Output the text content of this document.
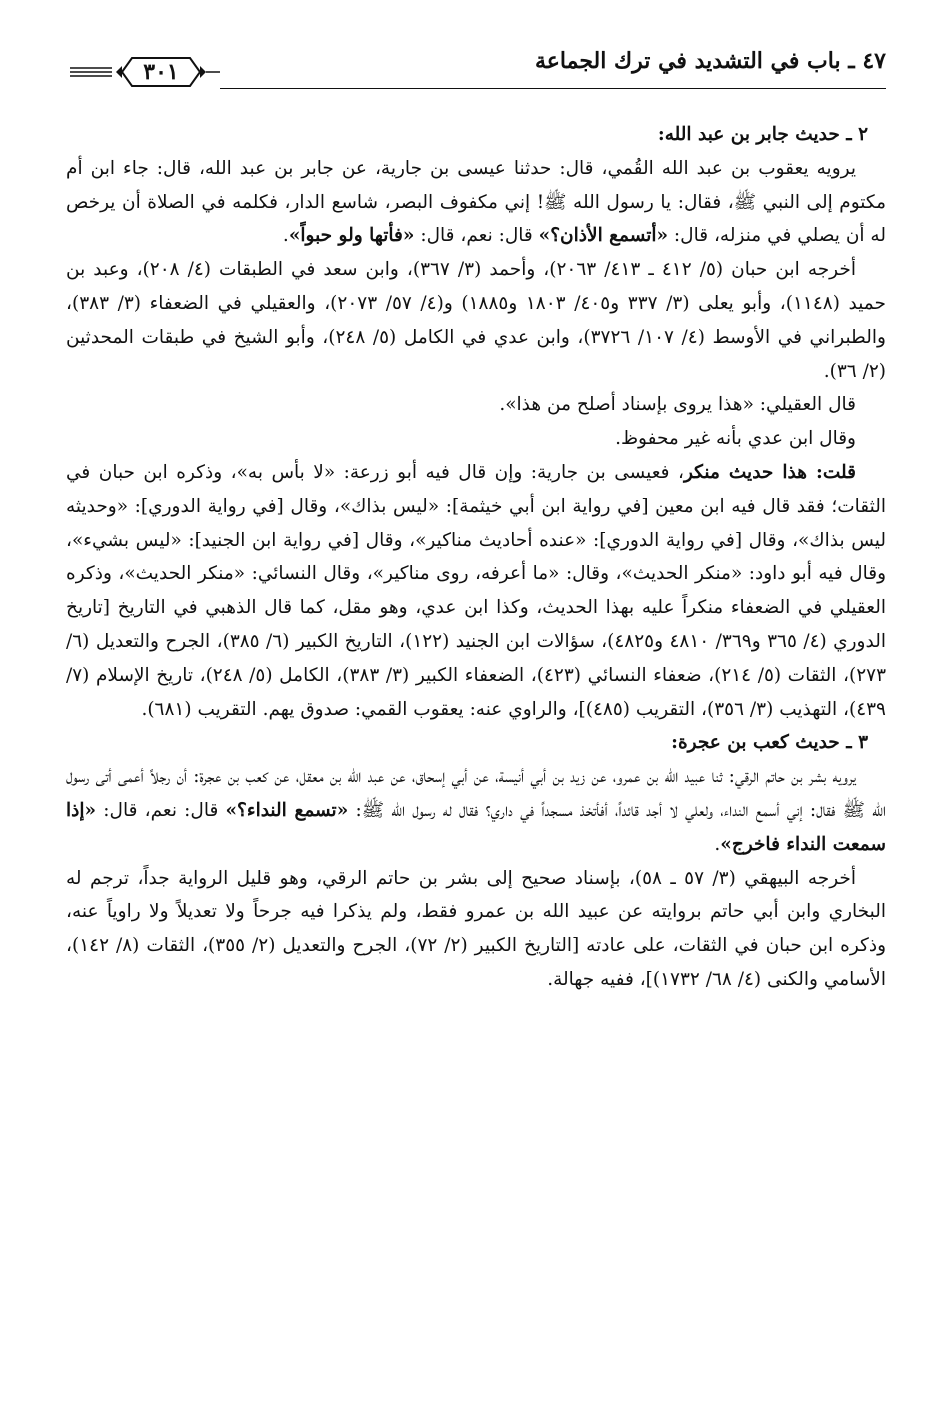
٤٧ ـ باب في التشديد في ترك الجماعة
٣٠١

٢ ـ حديث جابر بن عبد الله:

يرويه يعقوب بن عبد الله القُمي، قال: حدثنا عيسى بن جارية، عن جابر بن عبد الله، قال: جاء ابن أم مكتوم إلى النبي ﷺ، فقال: يا رسول الله ﷺ! إني مكفوف البصر، شاسع الدار، فكلمه في الصلاة أن يرخص له أن يصلي في منزله، قال: «أتسمع الأذان؟» قال: نعم، قال: «فأتها ولو حبواً».

أخرجه ابن حبان (٥/ ٤١٢ ـ ٤١٣/ ٢٠٦٣)، وأحمد (٣/ ٣٦٧)، وابن سعد في الطبقات (٤/ ٢٠٨)، وعبد بن حميد (١١٤٨)، وأبو يعلى (٣/ ٣٣٧ و٤٠٥/ ١٨٠٣ و١٨٨٥) و(٤/ ٥٧/ ٢٠٧٣)، والعقيلي في الضعفاء (٣/ ٣٨٣)، والطبراني في الأوسط (٤/ ١٠٧/ ٣٧٢٦)، وابن عدي في الكامل (٥/ ٢٤٨)، وأبو الشيخ في طبقات المحدثين (٢/ ٣٦).

قال العقيلي: «هذا يروى بإسناد أصلح من هذا».

وقال ابن عدي بأنه غير محفوظ.

قلت: هذا حديث منكر، فعيسى بن جارية: وإن قال فيه أبو زرعة: «لا بأس به»، وذكره ابن حبان في الثقات؛ فقد قال فيه ابن معين [في رواية ابن أبي خيثمة]: «ليس بذاك»، وقال [في رواية الدوري]: «وحديثه ليس بذاك»، وقال [في رواية الدوري]: «عنده أحاديث مناكير»، وقال [في رواية ابن الجنيد]: «ليس بشيء»، وقال فيه أبو داود: «منكر الحديث»، وقال: «ما أعرفه، روى مناكير»، وقال النسائي: «منكر الحديث»، وذكره العقيلي في الضعفاء منكراً عليه بهذا الحديث، وكذا ابن عدي، وهو مقل، كما قال الذهبي في التاريخ [تاريخ الدوري (٤/ ٣٦٥ و٣٦٩/ ٤٨١٠ و٤٨٢٥)، سؤالات ابن الجنيد (١٢٢)، التاريخ الكبير (٦/ ٣٨٥)، الجرح والتعديل (٦/ ٢٧٣)، الثقات (٥/ ٢١٤)، ضعفاء النسائي (٤٢٣)، الضعفاء الكبير (٣/ ٣٨٣)، الكامل (٥/ ٢٤٨)، تاريخ الإسلام (٧/ ٤٣٩)، التهذيب (٣/ ٣٥٦)، التقريب (٤٨٥)]، والراوي عنه: يعقوب القمي: صدوق يهم. التقريب (٦٨١).

٣ ـ حديث كعب بن عجرة:

يرويه بشر بن حاتم الرقي: ثنا عبيد الله بن عمرو، عن زيد بن أبي أنيسة، عن أبي إسحاق، عن عبد الله بن معقل، عن كعب بن عجرة: أن رجلاً أعمى أتى رسول الله ﷺ فقال: إني أسمع النداء، ولعلي لا أجد قائداً، أفأتخذ مسجداً في داري؟ فقال له رسول الله ﷺ: «تسمع النداء؟» قال: نعم، قال: «إذا سمعت النداء فاخرج».

أخرجه البيهقي (٣/ ٥٧ ـ ٥٨)، بإسناد صحيح إلى بشر بن حاتم الرقي، وهو قليل الرواية جداً، ترجم له البخاري وابن أبي حاتم بروايته عن عبيد الله بن عمرو فقط، ولم يذكرا فيه جرحاً ولا تعديلاً ولا راوياً عنه، وذكره ابن حبان في الثقات، على عادته [التاريخ الكبير (٢/ ٧٢)، الجرح والتعديل (٢/ ٣٥٥)، الثقات (٨/ ١٤٢)، الأسامي والكنى (٤/ ٦٨/ ١٧٣٢)]، ففيه جهالة.
